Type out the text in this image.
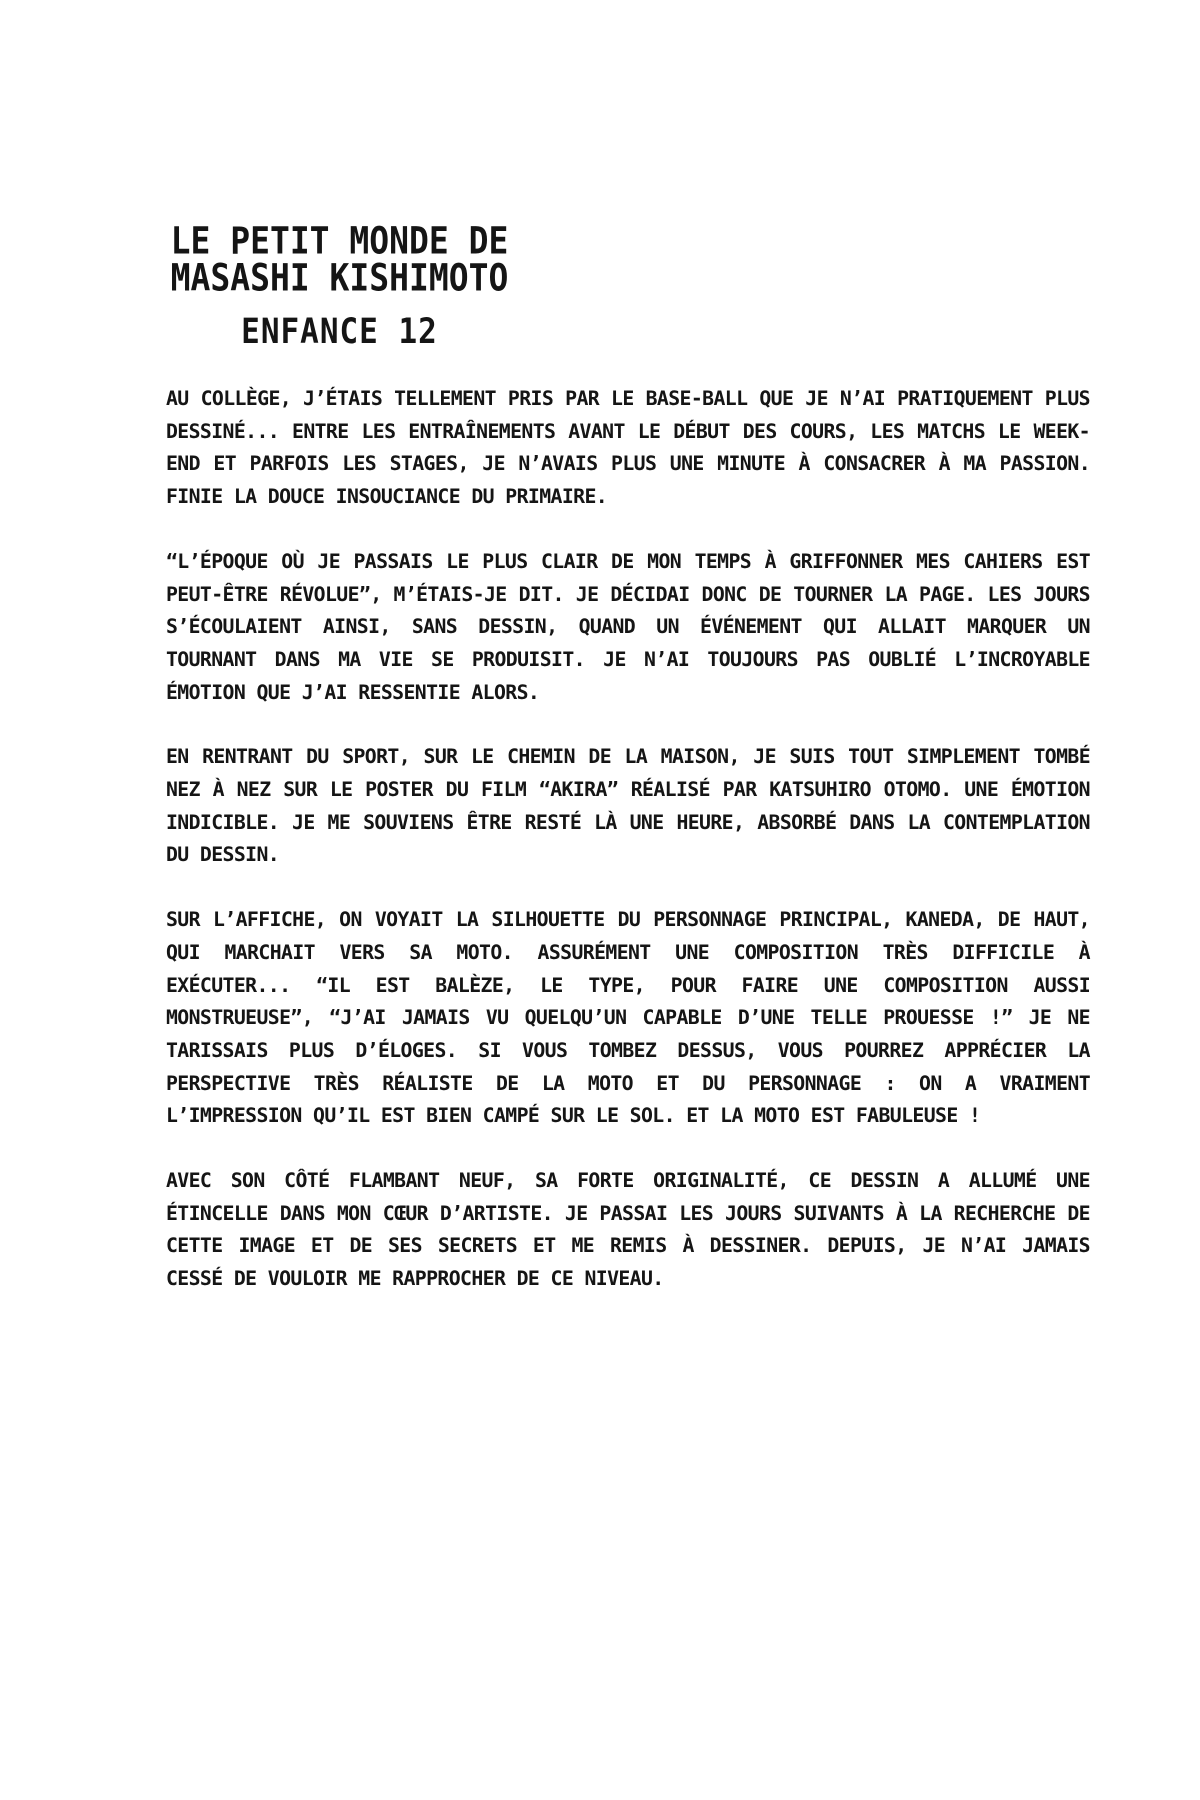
LE PETIT MONDE DE
MASASHI KISHIMOTO
ENFANCE 12

AU COLLÈGE, J’ÉTAIS TELLEMENT PRIS PAR LE BASE-BALL QUE JE N’AI PRATIQUEMENT PLUS DESSINÉ... ENTRE LES ENTRAÎNEMENTS AVANT LE DÉBUT DES COURS, LES MATCHS LE WEEK-END ET PARFOIS LES STAGES, JE N’AVAIS PLUS UNE MINUTE À CONSACRER À MA PASSION. FINIE LA DOUCE INSOUCIANCE DU PRIMAIRE.

“L’ÉPOQUE OÙ JE PASSAIS LE PLUS CLAIR DE MON TEMPS À GRIFFONNER MES CAHIERS EST PEUT-ÊTRE RÉVOLUE”, M’ÉTAIS-JE DIT. JE DÉCIDAI DONC DE TOURNER LA PAGE. LES JOURS S’ÉCOULAIENT AINSI, SANS DESSIN, QUAND UN ÉVÉNEMENT QUI ALLAIT MARQUER UN TOURNANT DANS MA VIE SE PRODUISIT. JE N’AI TOUJOURS PAS OUBLIÉ L’INCROYABLE ÉMOTION QUE J’AI RESSENTIE ALORS.

EN RENTRANT DU SPORT, SUR LE CHEMIN DE LA MAISON, JE SUIS TOUT SIMPLEMENT TOMBÉ NEZ À NEZ SUR LE POSTER DU FILM “AKIRA” RÉALISÉ PAR KATSUHIRO OTOMO. UNE ÉMOTION INDICIBLE. JE ME SOUVIENS ÊTRE RESTÉ LÀ UNE HEURE, ABSORBÉ DANS LA CONTEMPLATION DU DESSIN.

SUR L’AFFICHE, ON VOYAIT LA SILHOUETTE DU PERSONNAGE PRINCIPAL, KANEDA, DE HAUT, QUI MARCHAIT VERS SA MOTO. ASSURÉMENT UNE COMPOSITION TRÈS DIFFICILE À EXÉCUTER... “IL EST BALÈZE, LE TYPE, POUR FAIRE UNE COMPOSITION AUSSI MONSTRUEUSE”, “J’AI JAMAIS VU QUELQU’UN CAPABLE D’UNE TELLE PROUESSE !” JE NE TARISSAIS PLUS D’ÉLOGES. SI VOUS TOMBEZ DESSUS, VOUS POURREZ APPRÉCIER LA PERSPECTIVE TRÈS RÉALISTE DE LA MOTO ET DU PERSONNAGE : ON A VRAIMENT L’IMPRESSION QU’IL EST BIEN CAMPÉ SUR LE SOL. ET LA MOTO EST FABULEUSE !

AVEC SON CÔTÉ FLAMBANT NEUF, SA FORTE ORIGINALITÉ, CE DESSIN A ALLUMÉ UNE ÉTINCELLE DANS MON CŒUR D’ARTISTE. JE PASSAI LES JOURS SUIVANTS À LA RECHERCHE DE CETTE IMAGE ET DE SES SECRETS ET ME REMIS À DESSINER. DEPUIS, JE N’AI JAMAIS CESSÉ DE VOULOIR ME RAPPROCHER DE CE NIVEAU.
